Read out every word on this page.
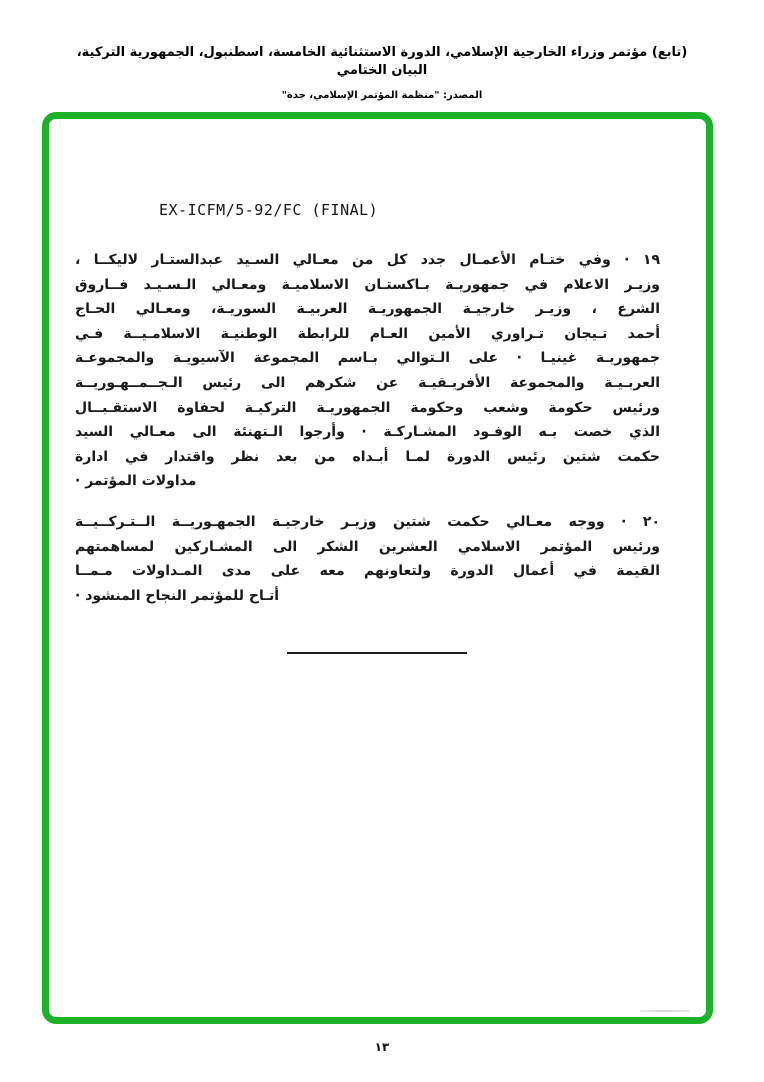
(تابع) مؤتمر وزراء الخارجية الإسلامي، الدورة الاستثنائية الخامسة، اسطنبول، الجمهورية التركية، البيان الختامي
المصدر: "منظمة المؤتمر الإسلامي، جدة"
EX-ICFM/5-92/FC (FINAL)
١٩ · وفي ختـام الأعمـال جدد كل من معـالي السـيد عبدالستـار لاليكــا ،
وزيـر الاعلام في جمهوريـة بـاكستـان الاسلاميـة ومعـالي الـسـيـد فــاروق
الشرع ، وزيـر خارجيـة الجمهوريـة العربيـة السوريـة، ومعـالي الحـاج
أحمد تـيجان تـراوري الأمين العـام للرابطة الوطنيـة الاسلامـيــة فـي
جمهوريـة غينيـا · على الـتوالي بـاسم المجموعة الآسيويـة والمجموعـة
العربـيـة والمجموعة الأفريـقيـة عن شكرهم الى رئيس الـجــمــهـوريــة
ورئيس حكومة وشعب وحكومة الجمهوريـة التركيـة لحفاوة الاستقـبــال
الذي خصت بـه الوفـود المشـاركـة · وأرجوا الـتهنئة الى معـالي السيد
حكمت شتين رئيس الدورة لمـا أبـداه من بعد نظر واقتدار في ادارة
مداولات المؤتمر ·
٢٠ · ووجه معـالي حكمت شتين وزيـر خارجيـة الجمهـوريــة الــتـركــيــة
ورئيس المؤتمر الاسلامي العشرين الشكر الى المشـاركين لمساهمتهم
القيمة في أعمال الدورة ولتعاونهم معه على مدى المـداولات مـمــا
أتـاح للمؤتمر النجاح المنشود ·
١٣
